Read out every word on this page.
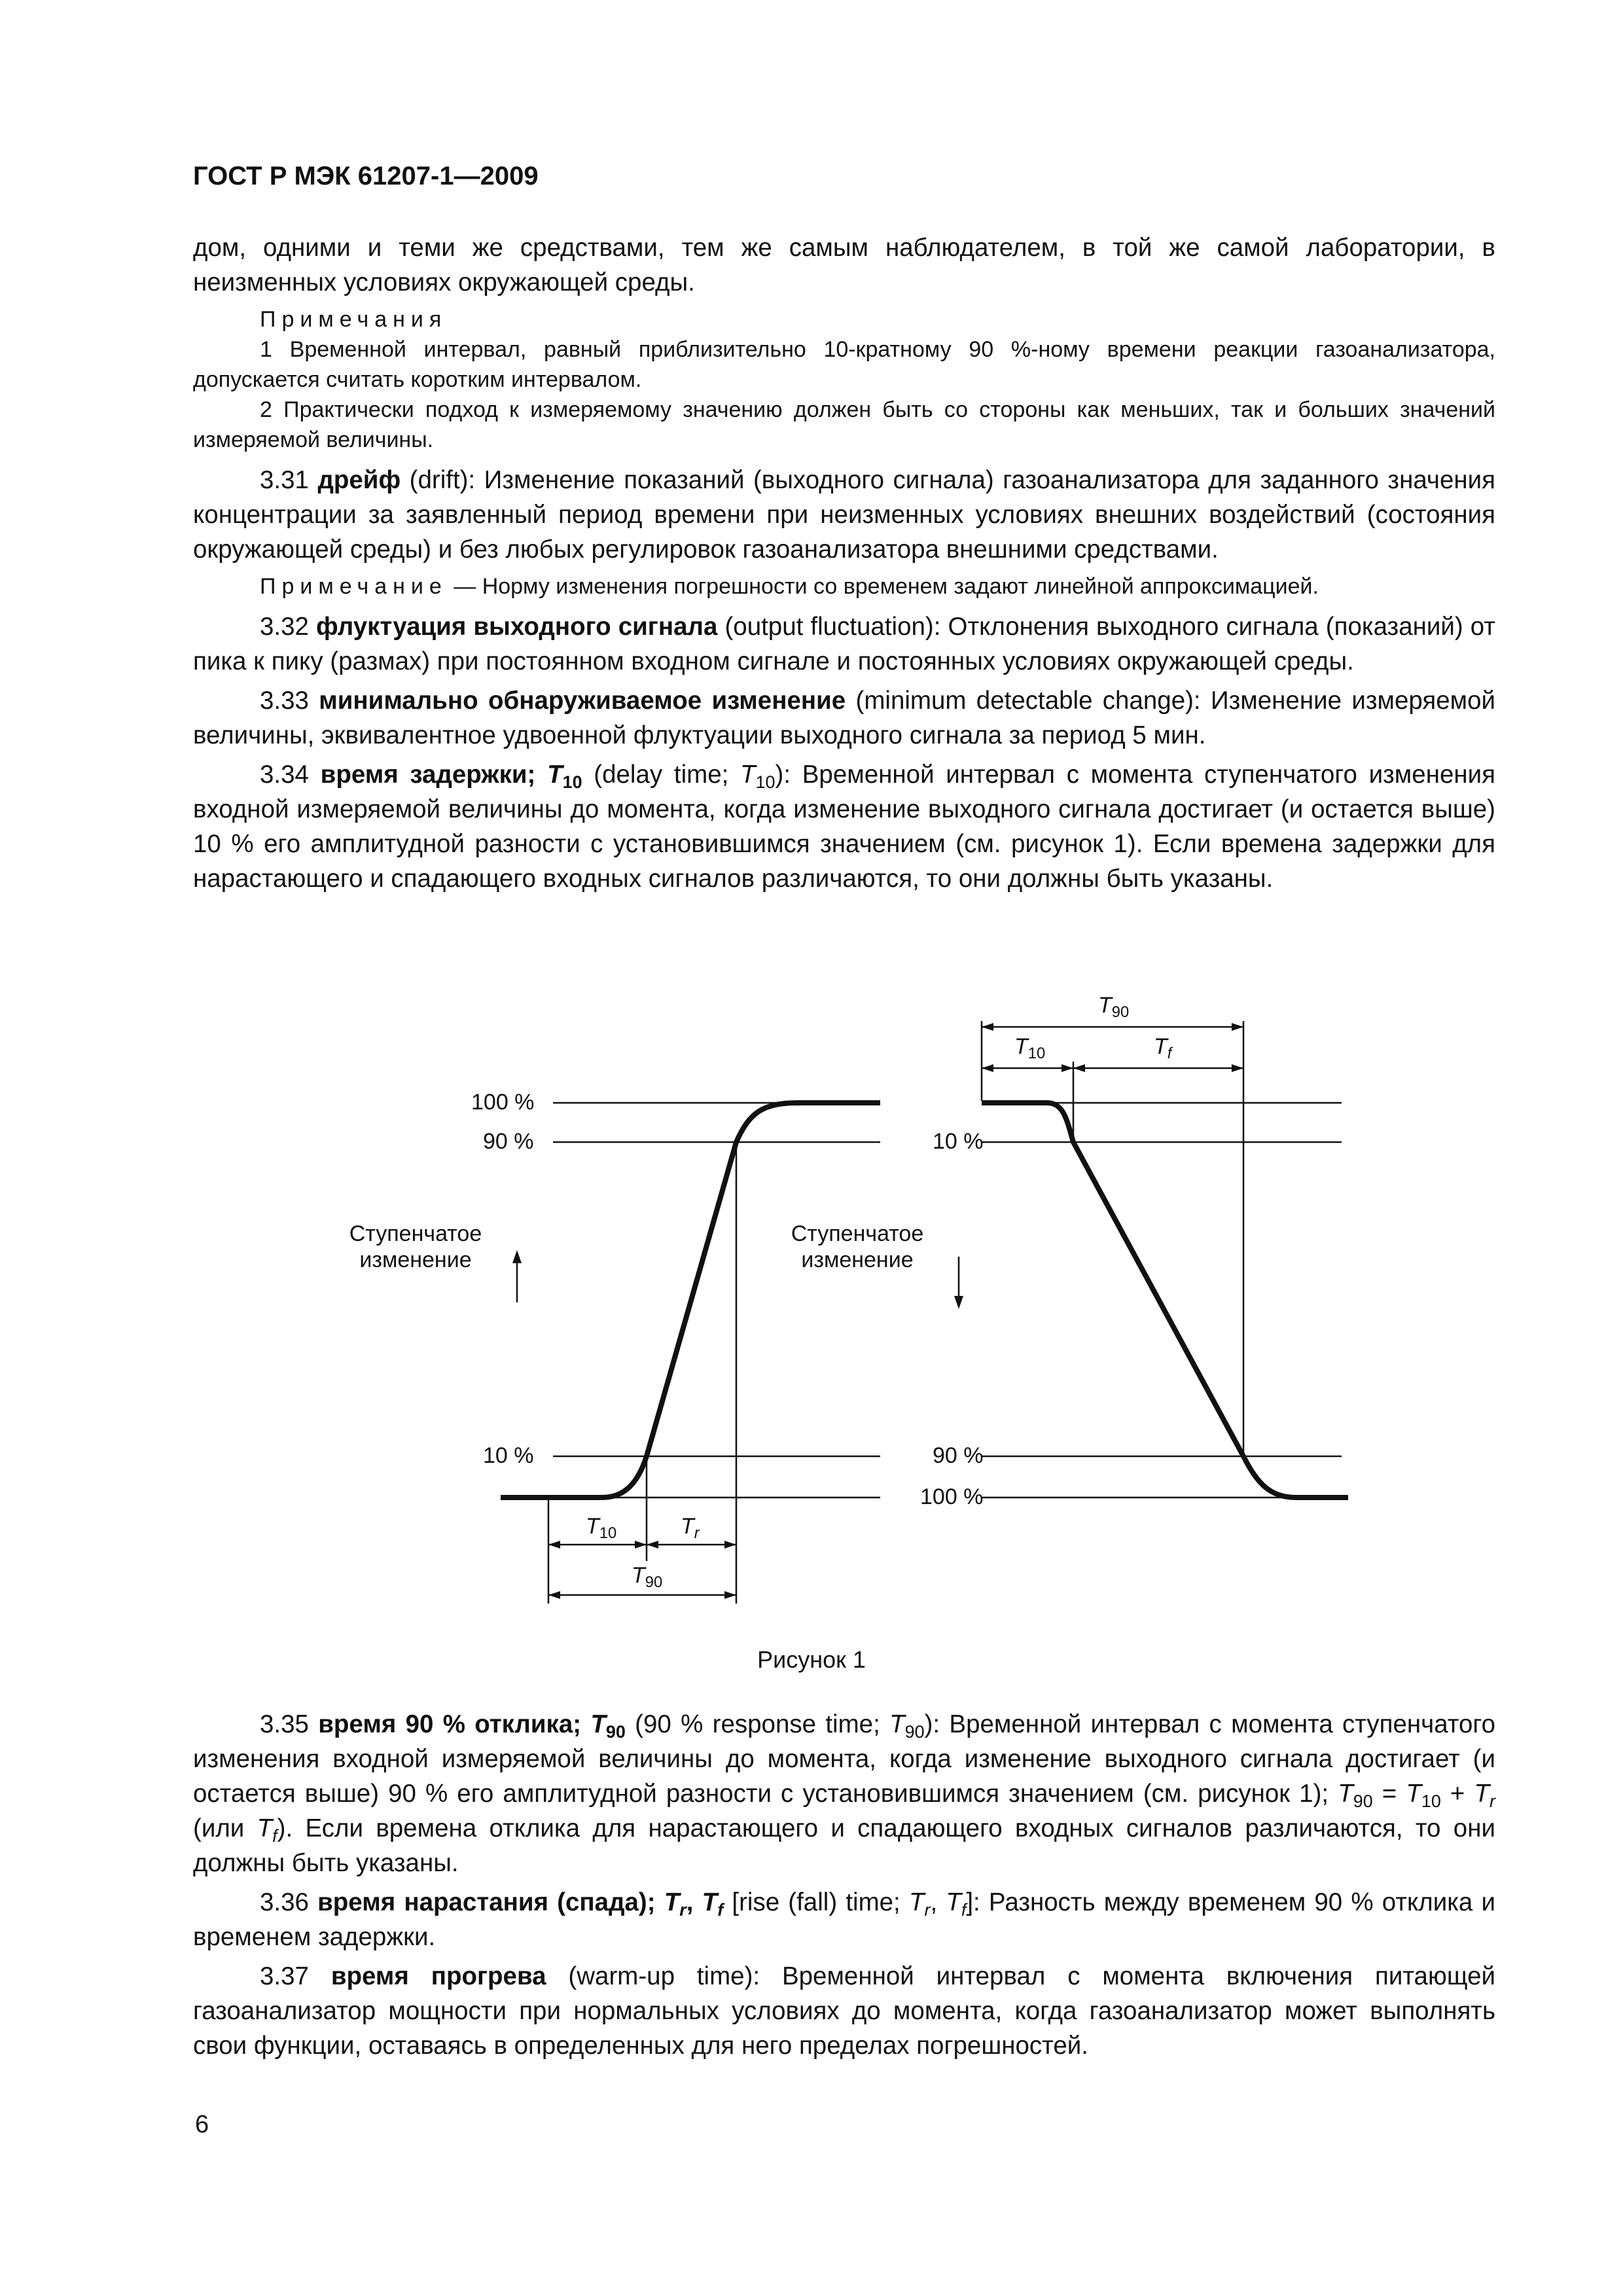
ГОСТ Р МЭК 61207-1—2009

дом, одними и теми же средствами, тем же самым наблюдателем, в той же самой лаборатории, в неизменных условиях окружающей среды.

Примечания

1 Временной интервал, равный приблизительно 10-кратному 90 %-ному времени реакции газоанализатора, допускается считать коротким интервалом.

2 Практически подход к измеряемому значению должен быть со стороны как меньших, так и больших значений измеряемой величины.

3.31 дрейф (drift): Изменение показаний (выходного сигнала) газоанализатора для заданного значения концентрации за заявленный период времени при неизменных условиях внешних воздействий (состояния окружающей среды) и без любых регулировок газоанализатора внешними средствами.

Примечание — Норму изменения погрешности со временем задают линейной аппроксимацией.

3.32 флуктуация выходного сигнала (output fluctuation): Отклонения выходного сигнала (показаний) от пика к пику (размах) при постоянном входном сигнале и постоянных условиях окружающей среды.

3.33 минимально обнаруживаемое изменение (minimum detectable change): Изменение измеряемой величины, эквивалентное удвоенной флуктуации выходного сигнала за период 5 мин.

3.34 время задержки; $T_{10}$ (delay time; $T_{10}$): Временной интервал с момента ступенчатого изменения входной измеряемой величины до момента, когда изменение выходного сигнала достигает (и остается выше) 10 % его амплитудной разности с установившимся значением (см. рисунок 1). Если времена задержки для нарастающего и спадающего входных сигналов различаются, то они должны быть указаны.

100 %
90 %
10 %
Ступенчатое
изменение
$T_{10}$	$T_r$
$T_{90}$
Ступенчатое
изменение
10 %
90 %
100 %
$T_{90}$
$T_{10}$	$T_f$
Рисунок 1

3.35 время 90 % отклика; $T_{90}$ (90 % response time; $T_{90}$): Временной интервал с момента ступенчатого изменения входной измеряемой величины до момента, когда изменение выходного сигнала достигает (и остается выше) 90 % его амплитудной разности с установившимся значением (см. рисунок 1); $T_{90} = T_{10} + T_r$ (или $T_f$). Если времена отклика для нарастающего и спадающего входных сигналов различаются, то они должны быть указаны.

3.36 время нарастания (спада); $T_r$, $T_f$ [rise (fall) time; $T_r$, $T_f$]: Разность между временем 90 % отклика и временем задержки.

3.37 время прогрева (warm-up time): Временной интервал с момента включения питающей газоанализатор мощности при нормальных условиях до момента, когда газоанализатор может выполнять свои функции, оставаясь в определенных для него пределах погрешностей.

6
